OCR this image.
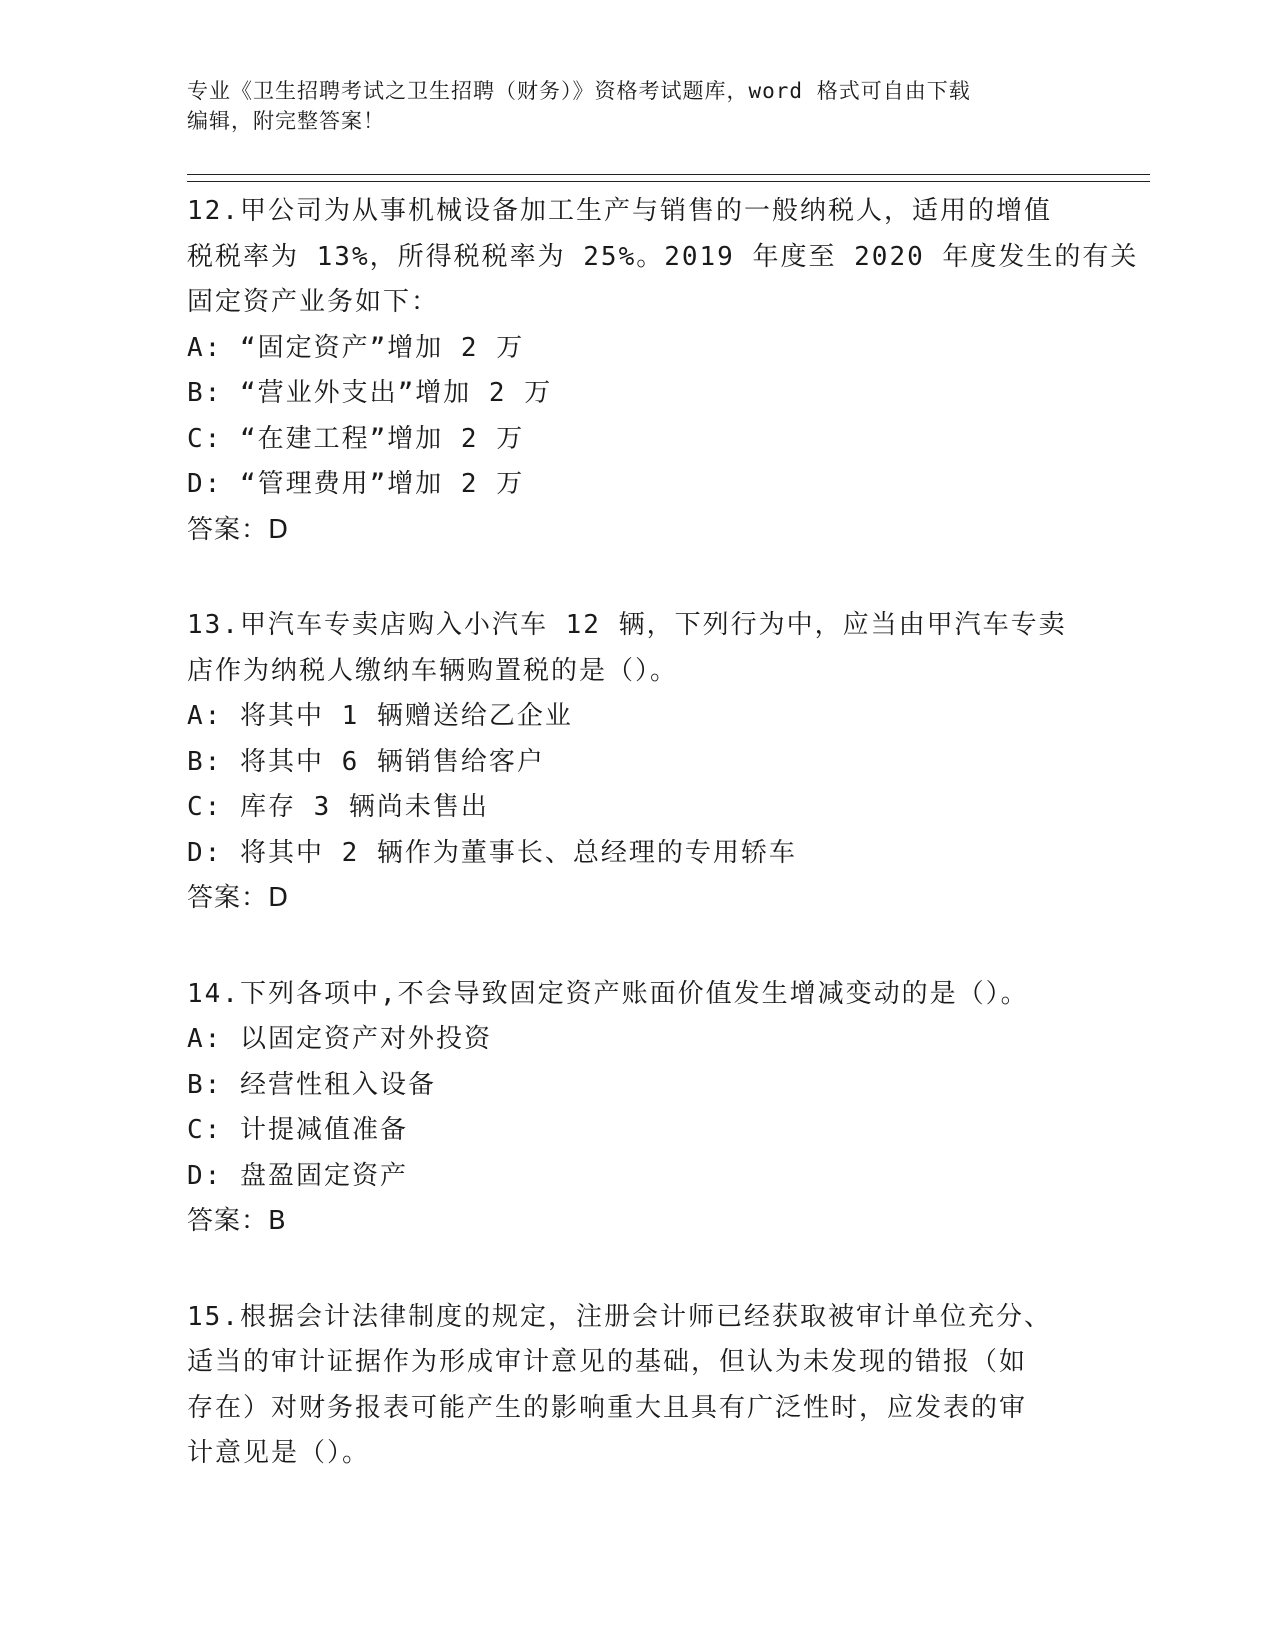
专业《卫生招聘考试之卫生招聘（财务）》资格考试题库，word 格式可自由下载
编辑，附完整答案！
12.甲公司为从事机械设备加工生产与销售的一般纳税人，适用的增值
税税率为 13%，所得税税率为 25%。2019 年度至 2020 年度发生的有关
固定资产业务如下：
A: “固定资产”增加 2 万
B: “营业外支出”增加 2 万
C: “在建工程”增加 2 万
D: “管理费用”增加 2 万
答案：D
13.甲汽车专卖店购入小汽车 12 辆，下列行为中，应当由甲汽车专卖
店作为纳税人缴纳车辆购置税的是（）。
A: 将其中 1 辆赠送给乙企业
B: 将其中 6 辆销售给客户
C: 库存 3 辆尚未售出
D: 将其中 2 辆作为董事长、总经理的专用轿车
答案：D
14.下列各项中,不会导致固定资产账面价值发生增减变动的是（）。
A: 以固定资产对外投资
B: 经营性租入设备
C: 计提减值准备
D: 盘盈固定资产
答案：B
15.根据会计法律制度的规定，注册会计师已经获取被审计单位充分、
适当的审计证据作为形成审计意见的基础，但认为未发现的错报（如
存在）对财务报表可能产生的影响重大且具有广泛性时，应发表的审
计意见是（）。
